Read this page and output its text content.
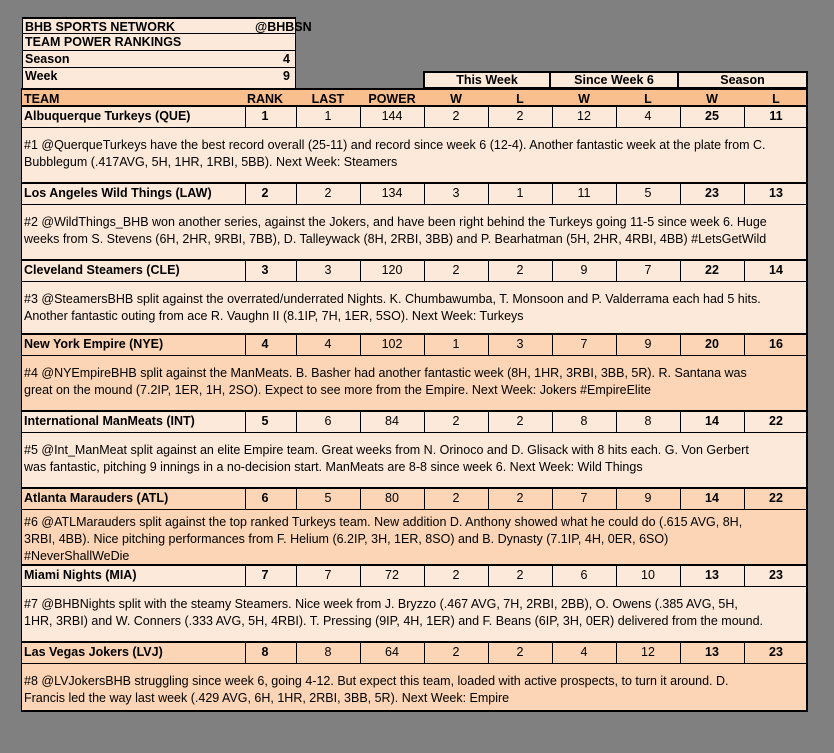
BHB SPORTS NETWORK	@BHBSN
TEAM POWER RANKINGS
Season	4
Week	9	This Week	Since Week 6	Season
TEAM	RANK	LAST	POWER	W	L	W	L	W	L
Albuquerque Turkeys (QUE)	1	1	144	2	2	12	4	25	11
#1 @QuerqueTurkeys have the best record overall (25-11) and record since week 6 (12-4). Another fantastic week at the plate from C.
Bubblegum (.417AVG, 5H, 1HR, 1RBI, 5BB). Next Week: Steamers
Los Angeles Wild Things (LAW)	2	2	134	3	1	11	5	23	13
#2 @WildThings_BHB won another series, against the Jokers, and have been right behind the Turkeys going 11-5 since week 6. Huge
weeks from S. Stevens (6H, 2HR, 9RBI, 7BB), D. Talleywack (8H, 2RBI, 3BB) and P. Bearhatman (5H, 2HR, 4RBI, 4BB) #LetsGetWild
Cleveland Steamers (CLE)	3	3	120	2	2	9	7	22	14
#3 @SteamersBHB split against the overrated/underrated Nights. K. Chumbawumba, T. Monsoon and P. Valderrama each had 5 hits.
Another fantastic outing from ace R. Vaughn II (8.1IP, 7H, 1ER, 5SO). Next Week: Turkeys
New York Empire (NYE)	4	4	102	1	3	7	9	20	16
#4 @NYEmpireBHB split against the ManMeats. B. Basher had another fantastic week (8H, 1HR, 3RBI, 3BB, 5R). R. Santana was
great on the mound (7.2IP, 1ER, 1H, 2SO). Expect to see more from the Empire. Next Week: Jokers #EmpireElite
International ManMeats (INT)	5	6	84	2	2	8	8	14	22
#5 @Int_ManMeat split against an elite Empire team. Great weeks from N. Orinoco and D. Glisack with 8 hits each. G. Von Gerbert
was fantastic, pitching 9 innings in a no-decision start. ManMeats are 8-8 since week 6. Next Week: Wild Things
Atlanta Marauders (ATL)	6	5	80	2	2	7	9	14	22
#6 @ATLMarauders split against the top ranked Turkeys team. New addition D. Anthony showed what he could do (.615 AVG, 8H,
3RBI, 4BB). Nice pitching performances from F. Helium (6.2IP, 3H, 1ER, 8SO) and B. Dynasty (7.1IP, 4H, 0ER, 6SO)
#NeverShallWeDie
Miami Nights (MIA)	7	7	72	2	2	6	10	13	23
#7 @BHBNights split with the steamy Steamers. Nice week from J. Bryzzo (.467 AVG, 7H, 2RBI, 2BB), O. Owens (.385 AVG, 5H,
1HR, 3RBI) and W. Conners (.333 AVG, 5H, 4RBI). T. Pressing (9IP, 4H, 1ER) and F. Beans (6IP, 3H, 0ER) delivered from the mound.
Las Vegas Jokers (LVJ)	8	8	64	2	2	4	12	13	23
#8 @LVJokersBHB struggling since week 6, going 4-12. But expect this team, loaded with active prospects, to turn it around. D.
Francis led the way last week (.429 AVG, 6H, 1HR, 2RBI, 3BB, 5R). Next Week: Empire
